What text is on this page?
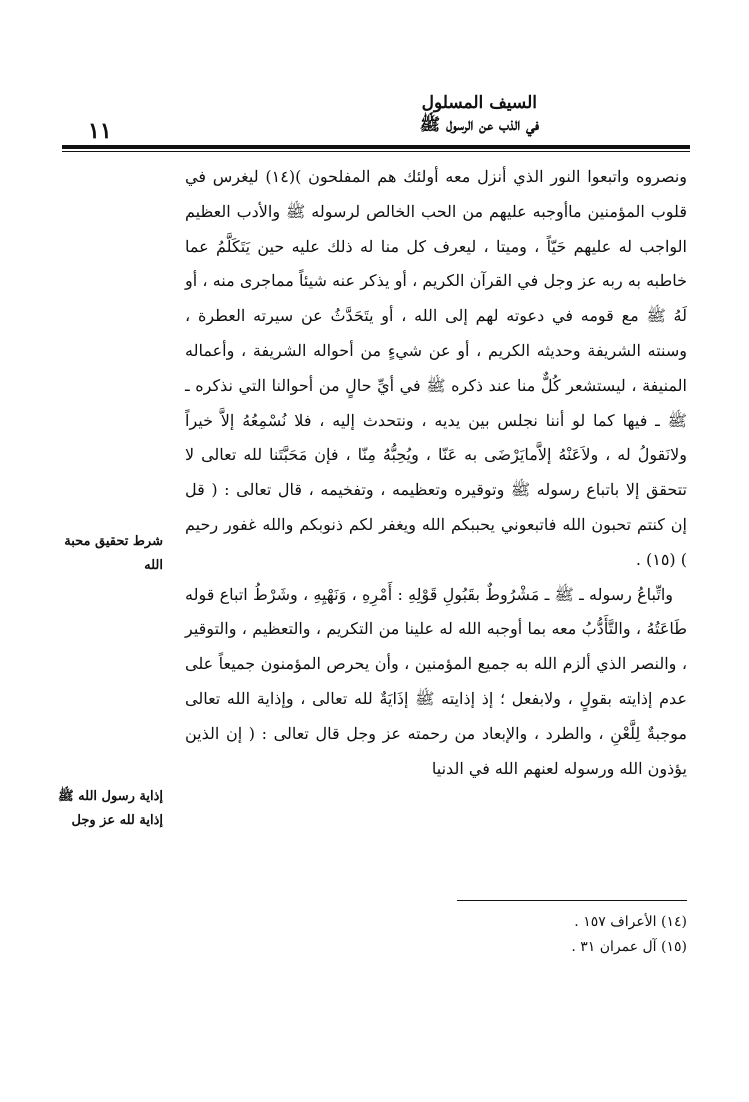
١١
السيف المسلول
في الذب عن الرسول ﷺ

ونصروه واتبعوا النور الذي أنزل معه أولئك هم المفلحون )(١٤) ليغرس في قلوب المؤمنين ماأوجبه عليهم من الحب الخالص لرسوله ﷺ والأدب العظيم الواجب له عليهم حَيّاً ، وميتا ، ليعرف كل منا له ذلك عليه حين يَتَكَلَّمُ عما خاطبه به ربه عز وجل في القرآن الكريم ، أو يذكر عنه شيئاً مماجرى منه ، أو لَهُ ﷺ مع قومه في دعوته لهم إلى الله ، أو يتَحَدَّثُ عن سيرته العطرة ، وسنته الشريفة وحديثه الكريم ، أو عن شيءٍ من أحواله الشريفة ، وأعماله المنيفة ، ليستشعر كُلٌّ منا عند ذكره ﷺ في أيِّ حالٍ من أحوالنا التي نذكره ـ ﷺ ـ فيها كما لو أننا نجلس بين يديه ، ونتحدث إليه ، فلا نُسْمِعُهُ إلاَّ خيراً ولانَقولُ له ، ولاَعَنْهُ إلاَّمايَرْضَى به عَنّا ، ويُحِبُّهُ مِنّا ، فإن مَحَبَّتَنا لله تعالى لا تتحقق إلا باتباع رسوله ﷺ وتوقيره وتعظيمه ، وتفخيمه ، قال تعالى : ( قل إن كنتم تحبون الله فاتبعوني يحببكم الله ويغفر لكم ذنوبكم والله غفور رحيم ) (١٥) .

واتِّباعُ رسوله ـ ﷺ ـ مَشْرُوطٌ بقَبُولِ قَوْلِهِ : أَمْرِهِ ، وَنَهْيِهِ ، وشَرْطُ اتباع قوله طَاعَتُهُ ، والتَّأَدُّبُ معه بما أوجبه الله له علينا من التكريم ، والتعظيم ، والتوقير ، والنصر الذي ألزم الله به جميع المؤمنين ، وأن يحرص المؤمنون جميعاً على عدم إذايته بقولٍ ، ولابفعل ؛ إذ إذايته ﷺ إذَايَةٌ لله تعالى ، وإذاية الله تعالى موجبةٌ لِلَّعْنِ ، والطرد ، والإبعاد من رحمته عز وجل قال تعالى : ( إن الذين يؤذون الله ورسوله لعنهم الله في الدنيا

شرط تحقيق محبة الله
إذاية رسول الله ﷺ إذاية لله عز وجل
(١٤) الأعراف ١٥٧ .
(١٥) آل عمران ٣١ .
